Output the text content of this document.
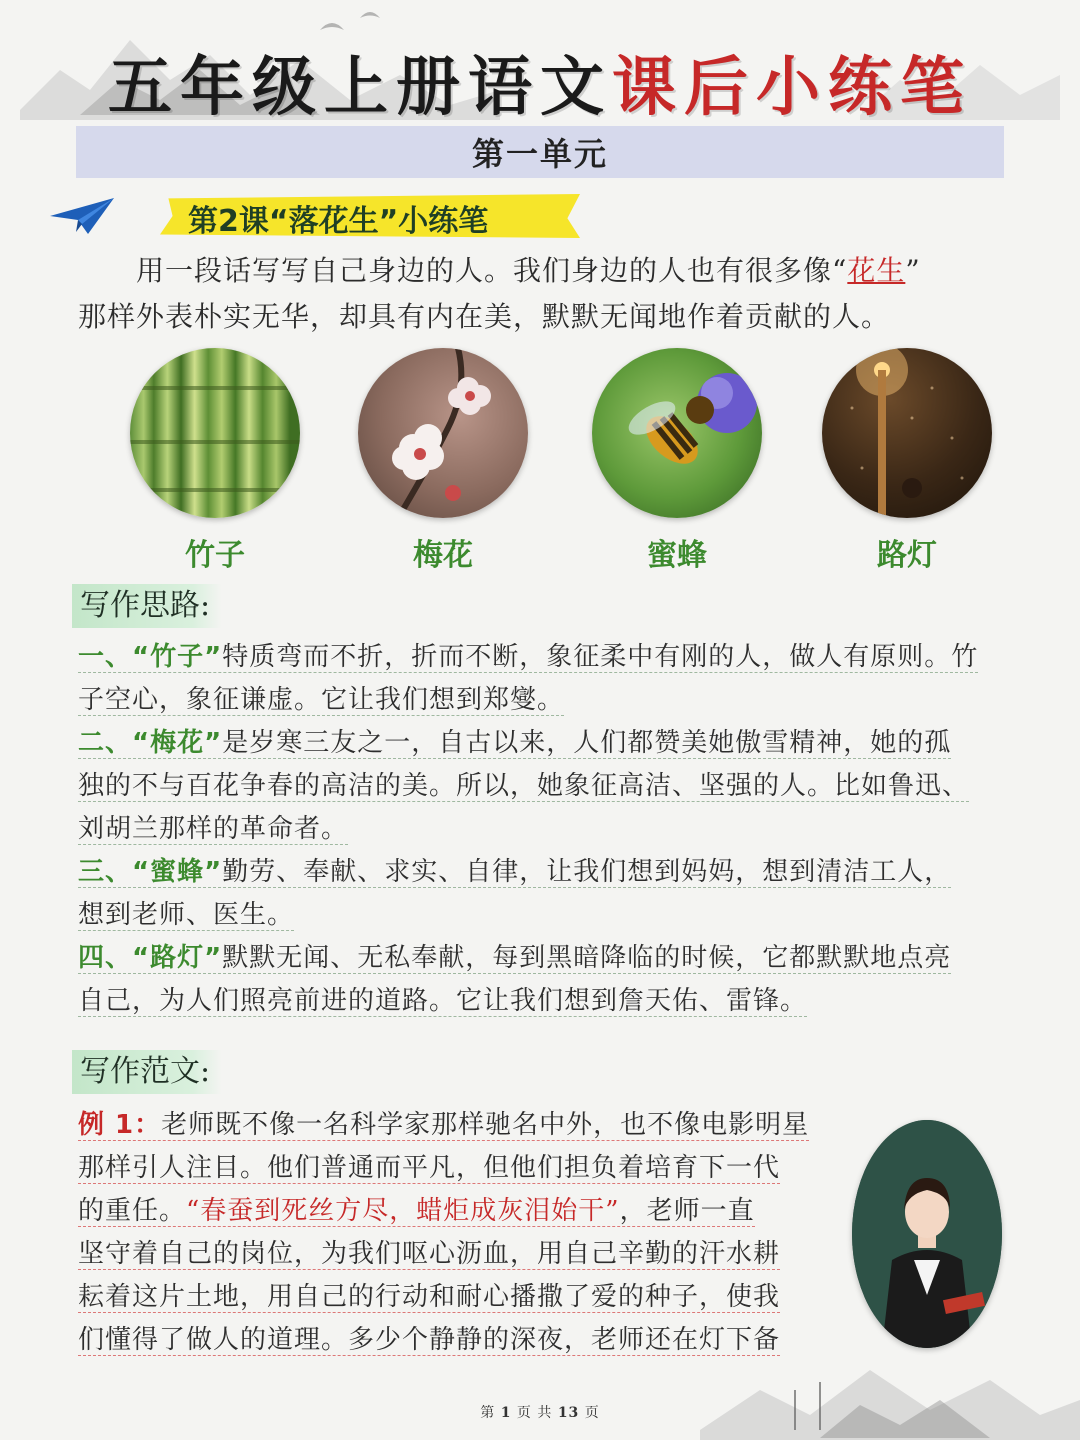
五年级上册语文课后小练笔
第一单元
第2课“落花生”小练笔
用一段话写写自己身边的人。我们身边的人也有很多像“花生”
那样外表朴实无华，却具有内在美，默默无闻地作着贡献的人。
竹子	梅花	蜜蜂	路灯
写作思路:
一、“竹子”特质弯而不折，折而不断，象征柔中有刚的人，做人有原则。竹
子空心，象征谦虚。它让我们想到郑燮。
二、“梅花”是岁寒三友之一，自古以来，人们都赞美她傲雪精神，她的孤
独的不与百花争春的高洁的美。所以，她象征高洁、坚强的人。比如鲁迅、
刘胡兰那样的革命者。
三、“蜜蜂”勤劳、奉献、求实、自律，让我们想到妈妈，想到清洁工人，
想到老师、医生。
四、“路灯”默默无闻、无私奉献，每到黑暗降临的时候，它都默默地点亮
自己，为人们照亮前进的道路。它让我们想到詹天佑、雷锋。
写作范文:

例 1：老师既不像一名科学家那样驰名中外，也不像电影明星

那样引人注目。他们普通而平凡，但他们担负着培育下一代

的重任。“春蚕到死丝方尽，蜡炬成灰泪始干”，老师一直

坚守着自己的岗位，为我们呕心沥血，用自己辛勤的汗水耕

耘着这片土地，用自己的行动和耐心播撒了爱的种子，使我

们懂得了做人的道理。多少个静静的深夜，老师还在灯下备

第 1 页 共 13 页
